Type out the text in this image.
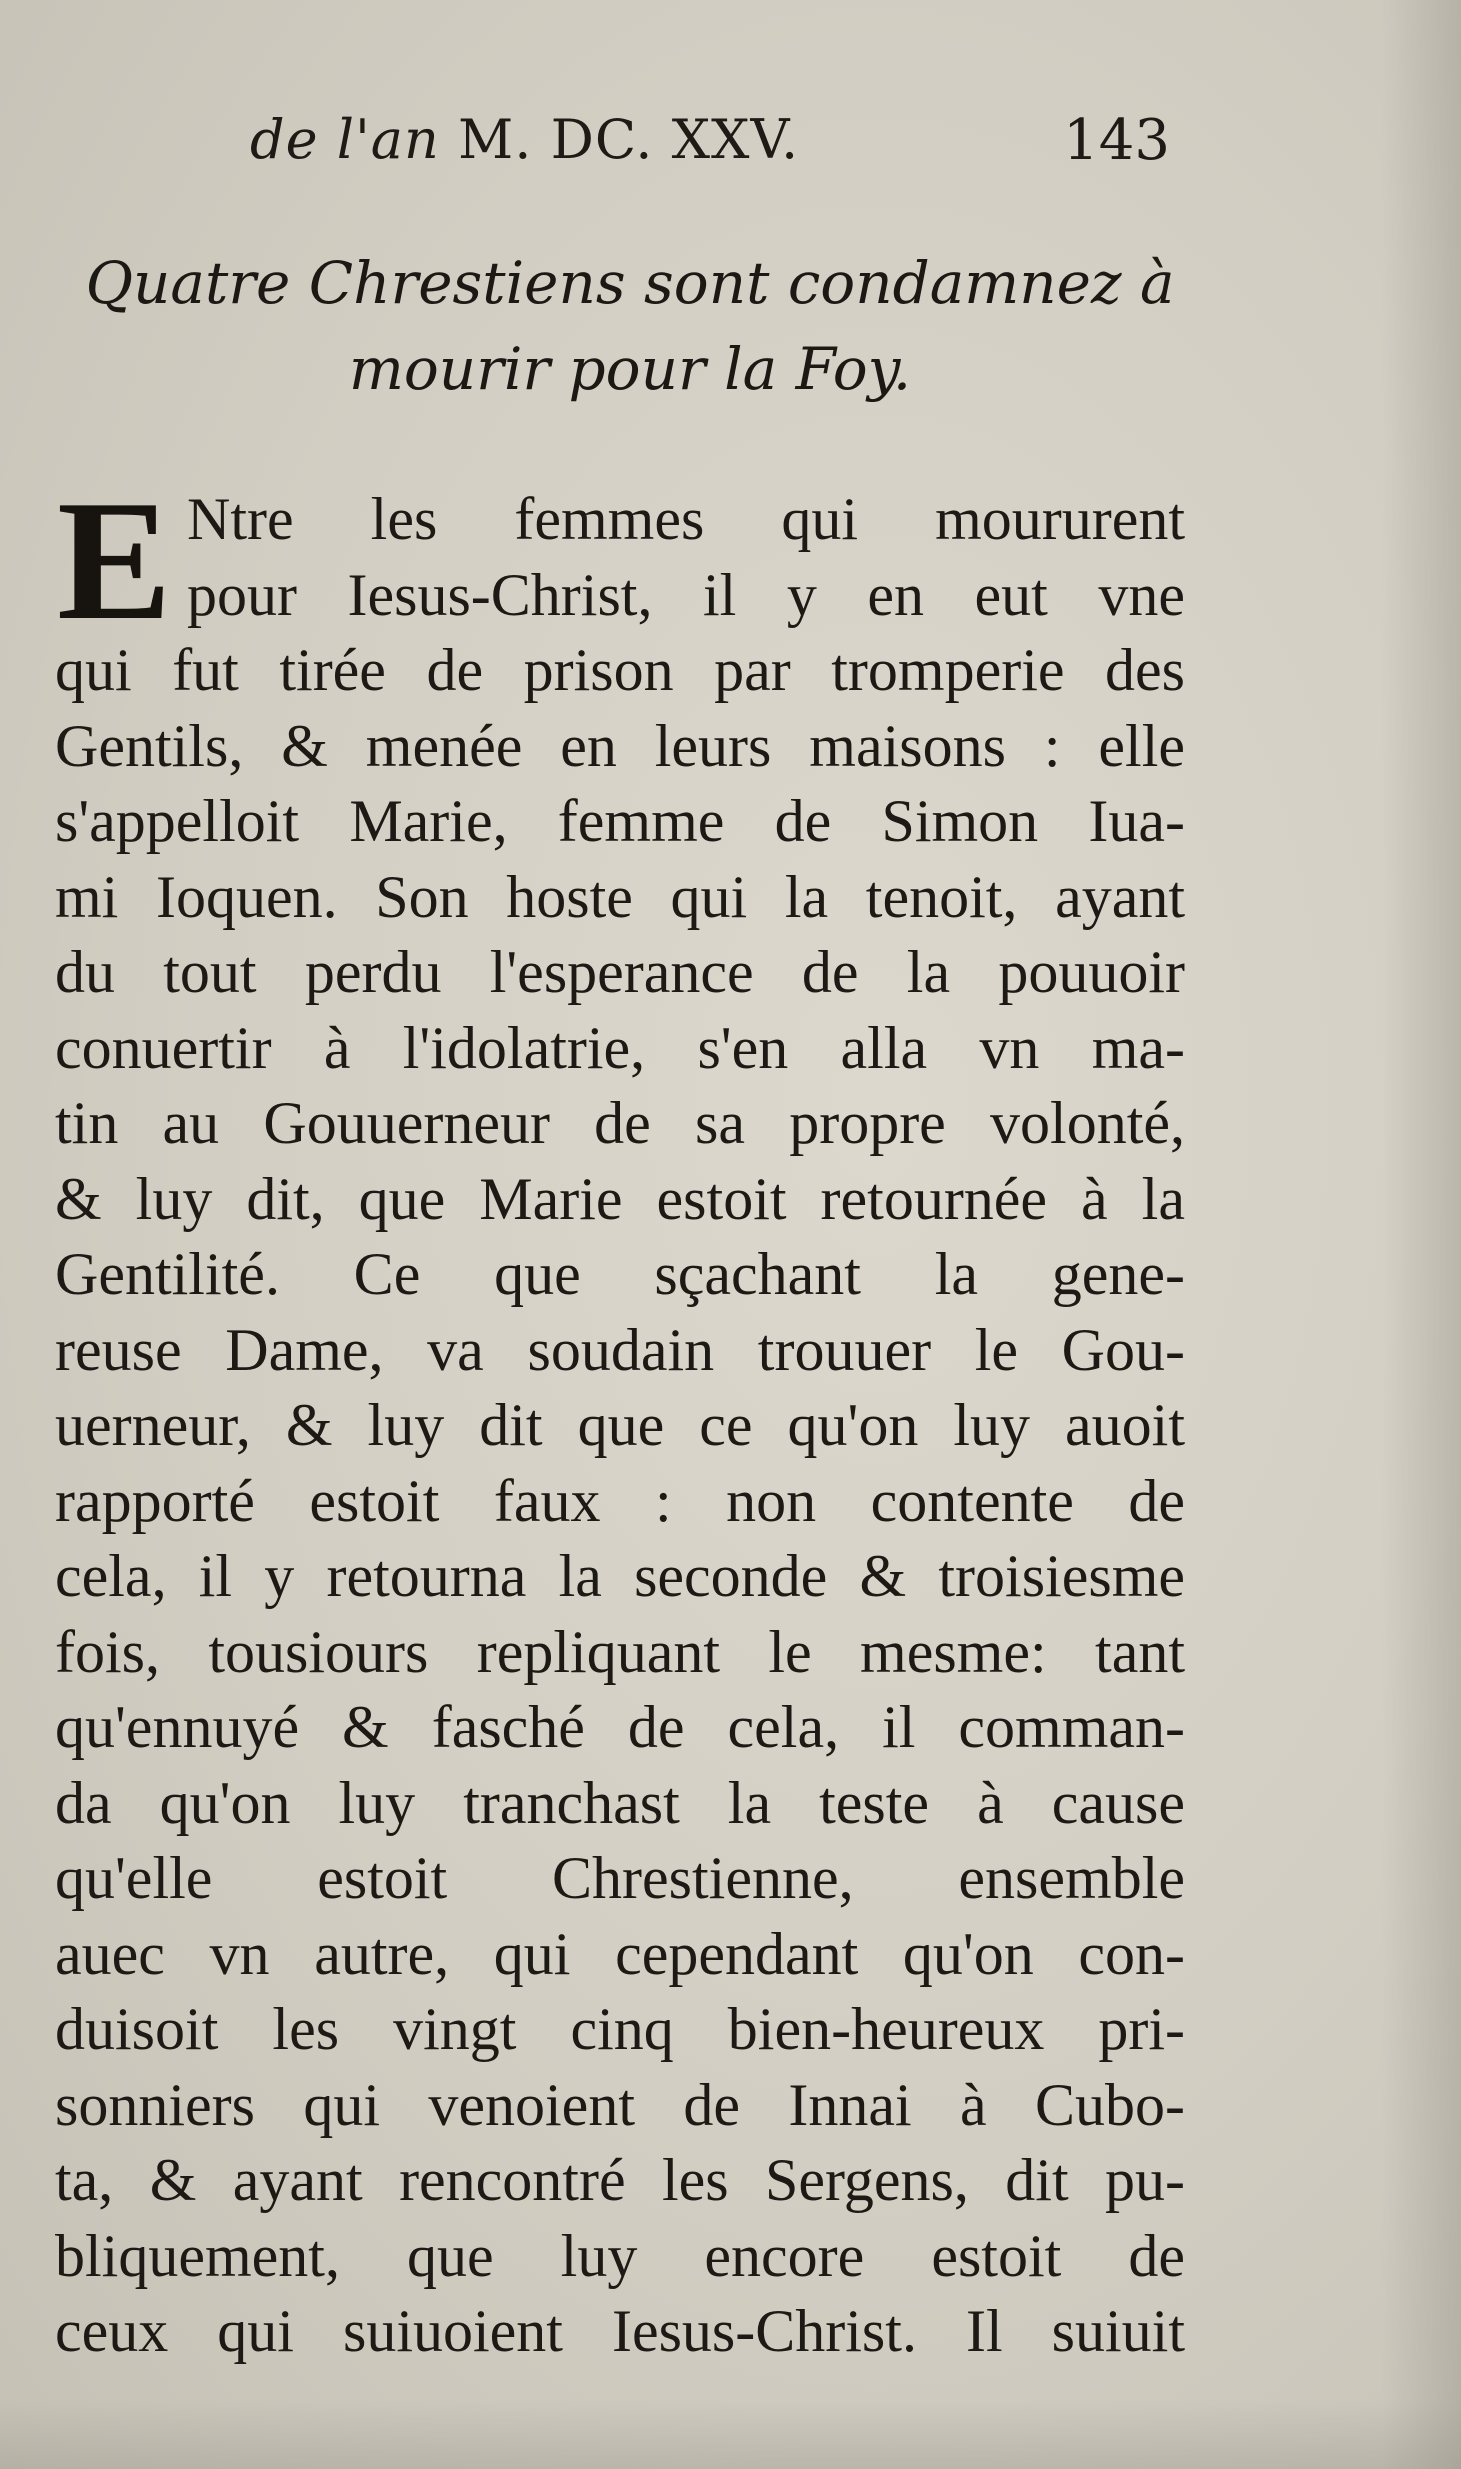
de l'an M. DC. XXV.	143
Quatre Chrestiens sont condamnez à
mourir pour la Foy.
E Ntre les femmes qui moururent
pour Iesus-Christ, il y en eut vne
qui fut tirée de prison par tromperie des
Gentils, & menée en leurs maisons : elle
s'appelloit Marie, femme de Simon Iua-
mi Ioquen. Son hoste qui la tenoit, ayant
du tout perdu l'esperance de la pouuoir
conuertir à l'idolatrie, s'en alla vn ma-
tin au Gouuerneur de sa propre volonté,
& luy dit, que Marie estoit retournée à la
Gentilité. Ce que sçachant la gene-
reuse Dame, va soudain trouuer le Gou-
uerneur, & luy dit que ce qu'on luy auoit
rapporté estoit faux : non contente de
cela, il y retourna la seconde & troisiesme
fois, tousiours repliquant le mesme: tant
qu'ennuyé & fasché de cela, il comman-
da qu'on luy tranchast la teste à cause
qu'elle estoit Chrestienne, ensemble
auec vn autre, qui cependant qu'on con-
duisoit les vingt cinq bien-heureux pri-
sonniers qui venoient de Innai à Cubo-
ta, & ayant rencontré les Sergens, dit pu-
bliquement, que luy encore estoit de
ceux qui suiuoient Iesus-Christ. Il suiuit
